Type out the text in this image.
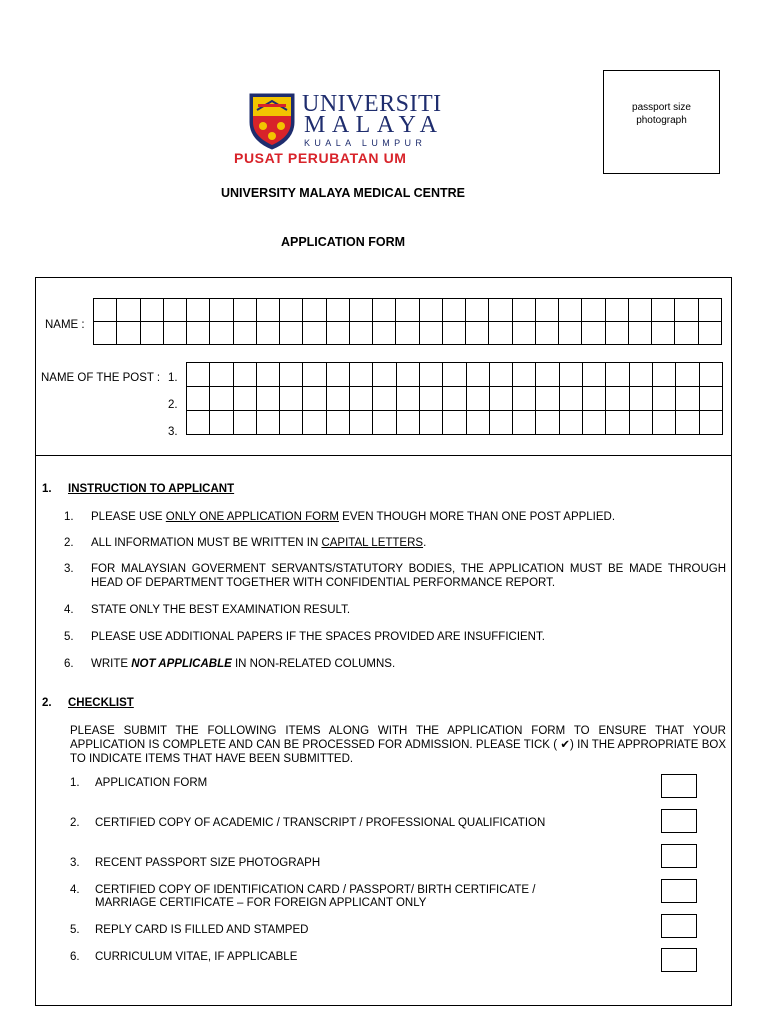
UNIVERSITI
MALAYA
KUALA LUMPUR
PUSAT PERUBATAN UM
passport size
photograph
UNIVERSITY MALAYA MEDICAL CENTRE
APPLICATION FORM
NAME :
NAME OF THE POST : 1.
2.
3.
1. INSTRUCTION TO APPLICANT
1. PLEASE USE ONLY ONE APPLICATION FORM EVEN THOUGH MORE THAN ONE POST APPLIED.
2. ALL INFORMATION MUST BE WRITTEN IN CAPITAL LETTERS.
3. FOR MALAYSIAN GOVERMENT SERVANTS/STATUTORY BODIES, THE APPLICATION MUST BE MADE THROUGH HEAD OF DEPARTMENT TOGETHER WITH CONFIDENTIAL PERFORMANCE REPORT.
4. STATE ONLY THE BEST EXAMINATION RESULT.
5. PLEASE USE ADDITIONAL PAPERS IF THE SPACES PROVIDED ARE INSUFFICIENT.
6. WRITE NOT APPLICABLE IN NON-RELATED COLUMNS.
2. CHECKLIST
PLEASE SUBMIT THE FOLLOWING ITEMS ALONG WITH THE APPLICATION FORM TO ENSURE THAT YOUR APPLICATION IS COMPLETE AND CAN BE PROCESSED FOR ADMISSION. PLEASE TICK ( ✔) IN THE APPROPRIATE BOX TO INDICATE ITEMS THAT HAVE BEEN SUBMITTED.
1. APPLICATION FORM
2. CERTIFIED COPY OF ACADEMIC / TRANSCRIPT / PROFESSIONAL QUALIFICATION
3. RECENT PASSPORT SIZE PHOTOGRAPH
4. CERTIFIED COPY OF IDENTIFICATION CARD / PASSPORT/ BIRTH CERTIFICATE /
MARRIAGE CERTIFICATE – FOR FOREIGN APPLICANT ONLY
5. REPLY CARD IS FILLED AND STAMPED
6. CURRICULUM VITAE, IF APPLICABLE
